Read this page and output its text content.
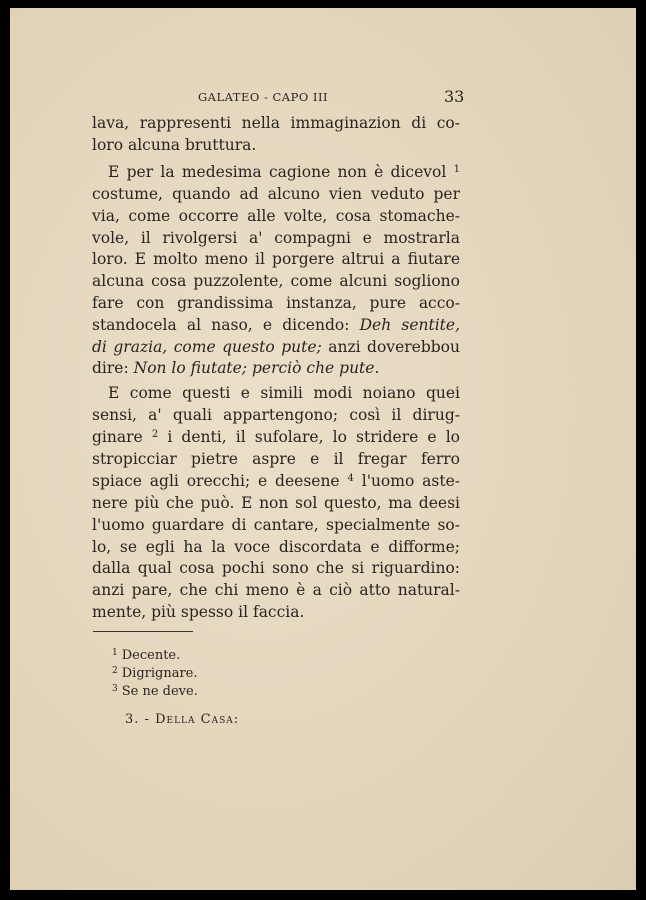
GALATEO - CAPO III	33
lava, rappresenti nella immaginazion di co-
loro alcuna bruttura.
E per la medesima cagione non è dicevol $^1$
costume, quando ad alcuno vien veduto per
via, come occorre alle volte, cosa stomache-
vole, il rivolgersi a' compagni e mostrarla
loro. E molto meno il porgere altrui a fiutare
alcuna cosa puzzolente, come alcuni sogliono
fare con grandissima instanza, pure acco-
standocela al naso, e dicendo: Deh sentite,
di grazia, come questo pute; anzi doverebbou
dire: Non lo fiutate; perciò che pute.
E come questi e simili modi noiano quei
sensi, a' quali appartengono; così il dirug-
ginare $^2$ i denti, il sufolare, lo stridere e lo
stropicciar pietre aspre e il fregar ferro
spiace agli orecchi; e deesene $^4$ l'uomo aste-
nere più che può. E non sol questo, ma deesi
l'uomo guardare di cantare, specialmente so-
lo, se egli ha la voce discordata e difforme;
dalla qual cosa pochi sono che si riguardino:
anzi pare, che chi meno è a ciò atto natural-
mente, più spesso il faccia.
$^1$ Decente.
$^2$ Digrignare.
$^3$ Se ne deve.
3. - Della Casa:
